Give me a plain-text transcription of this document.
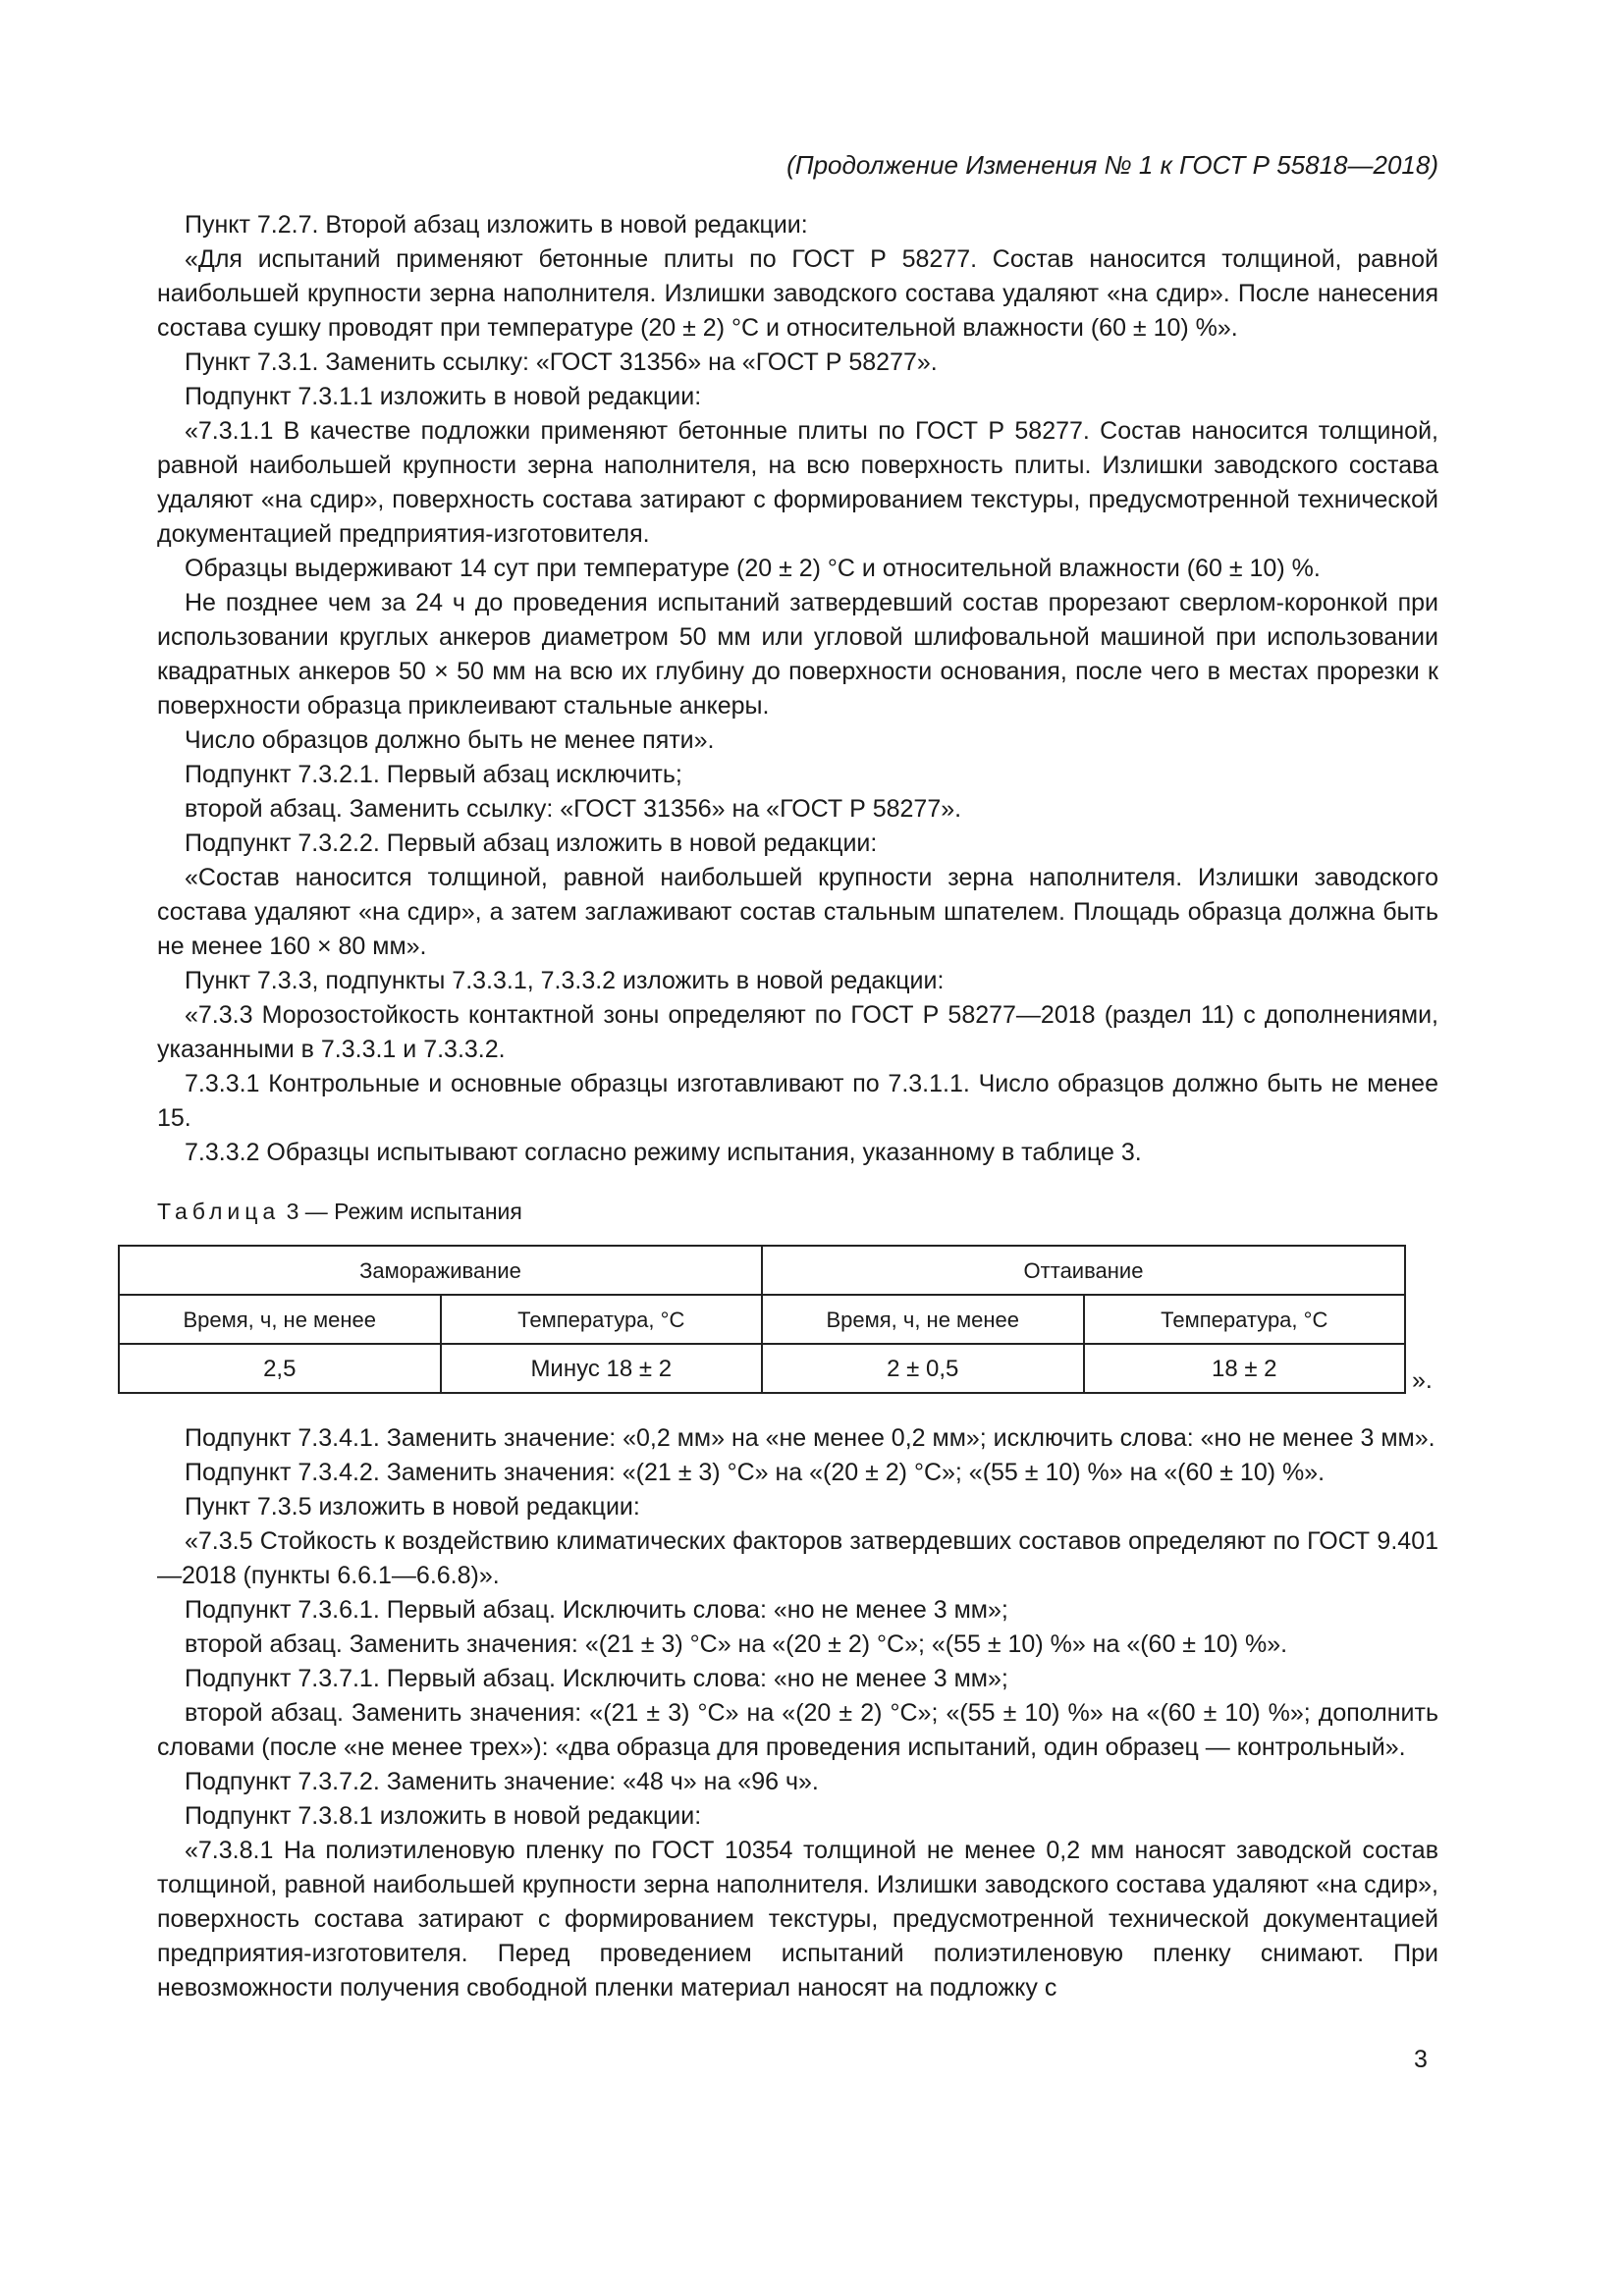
(Продолжение Изменения № 1 к ГОСТ Р 55818—2018)

Пункт 7.2.7. Второй абзац изложить в новой редакции:

«Для испытаний применяют бетонные плиты по ГОСТ Р 58277. Состав наносится толщиной, равной наибольшей крупности зерна наполнителя. Излишки заводского состава удаляют «на сдир». После нанесения состава сушку проводят при температуре (20 ± 2) °С и относительной влажности (60 ± 10) %».

Пункт 7.3.1. Заменить ссылку: «ГОСТ 31356» на «ГОСТ Р 58277».

Подпункт 7.3.1.1 изложить в новой редакции:

«7.3.1.1 В качестве подложки применяют бетонные плиты по ГОСТ Р 58277. Состав наносится толщиной, равной наибольшей крупности зерна наполнителя, на всю поверхность плиты. Излишки заводского состава удаляют «на сдир», поверхность состава затирают с формированием текстуры, предусмотренной технической документацией предприятия-изготовителя.

Образцы выдерживают 14 сут при температуре (20 ± 2) °С и относительной влажности (60 ± 10) %.

Не позднее чем за 24 ч до проведения испытаний затвердевший состав прорезают сверлом-коронкой при использовании круглых анкеров диаметром 50 мм или угловой шлифовальной машиной при использовании квадратных анкеров 50 × 50 мм на всю их глубину до поверхности основания, после чего в местах прорезки к поверхности образца приклеивают стальные анкеры.

Число образцов должно быть не менее пяти».

Подпункт 7.3.2.1. Первый абзац исключить;

второй абзац. Заменить ссылку: «ГОСТ 31356» на «ГОСТ Р 58277».

Подпункт 7.3.2.2. Первый абзац изложить в новой редакции:

«Состав наносится толщиной, равной наибольшей крупности зерна наполнителя. Излишки заводского состава удаляют «на сдир», а затем заглаживают состав стальным шпателем. Площадь образца должна быть не менее 160 × 80 мм».

Пункт 7.3.3, подпункты 7.3.3.1, 7.3.3.2 изложить в новой редакции:

«7.3.3 Морозостойкость контактной зоны определяют по ГОСТ Р 58277—2018 (раздел 11) с дополнениями, указанными в 7.3.3.1 и 7.3.3.2.

7.3.3.1 Контрольные и основные образцы изготавливают по 7.3.1.1. Число образцов должно быть не менее 15.

7.3.3.2 Образцы испытывают согласно режиму испытания, указанному в таблице 3.

Таблица 3 — Режим испытания

Замораживание		Оттаивание	
Время, ч, не менее	Температура, °С	Время, ч, не менее	Температура, °С
2,5	Минус 18 ± 2	2 ± 0,5	18 ± 2	».

Подпункт 7.3.4.1. Заменить значение: «0,2 мм» на «не менее 0,2 мм»; исключить слова: «но не менее 3 мм».

Подпункт 7.3.4.2. Заменить значения: «(21 ± 3) °С» на «(20 ± 2) °С»; «(55 ± 10) %» на «(60 ± 10) %».

Пункт 7.3.5 изложить в новой редакции:

«7.3.5 Стойкость к воздействию климатических факторов затвердевших составов определяют по ГОСТ 9.401—2018 (пункты 6.6.1—6.6.8)».

Подпункт 7.3.6.1. Первый абзац. Исключить слова: «но не менее 3 мм»;

второй абзац. Заменить значения: «(21 ± 3) °С» на «(20 ± 2) °С»; «(55 ± 10) %» на «(60 ± 10) %».

Подпункт 7.3.7.1. Первый абзац. Исключить слова: «но не менее 3 мм»;

второй абзац. Заменить значения: «(21 ± 3) °С» на «(20 ± 2) °С»; «(55 ± 10) %» на «(60 ± 10) %»; дополнить словами (после «не менее трех»): «два образца для проведения испытаний, один образец — контрольный».

Подпункт 7.3.7.2. Заменить значение: «48 ч» на «96 ч».

Подпункт 7.3.8.1 изложить в новой редакции:

«7.3.8.1 На полиэтиленовую пленку по ГОСТ 10354 толщиной не менее 0,2 мм наносят заводской состав толщиной, равной наибольшей крупности зерна наполнителя. Излишки заводского состава удаляют «на сдир», поверхность состава затирают с формированием текстуры, предусмотренной технической документацией предприятия-изготовителя. Перед проведением испытаний полиэтиленовую пленку снимают. При невозможности получения свободной пленки материал наносят на подложку с

3
